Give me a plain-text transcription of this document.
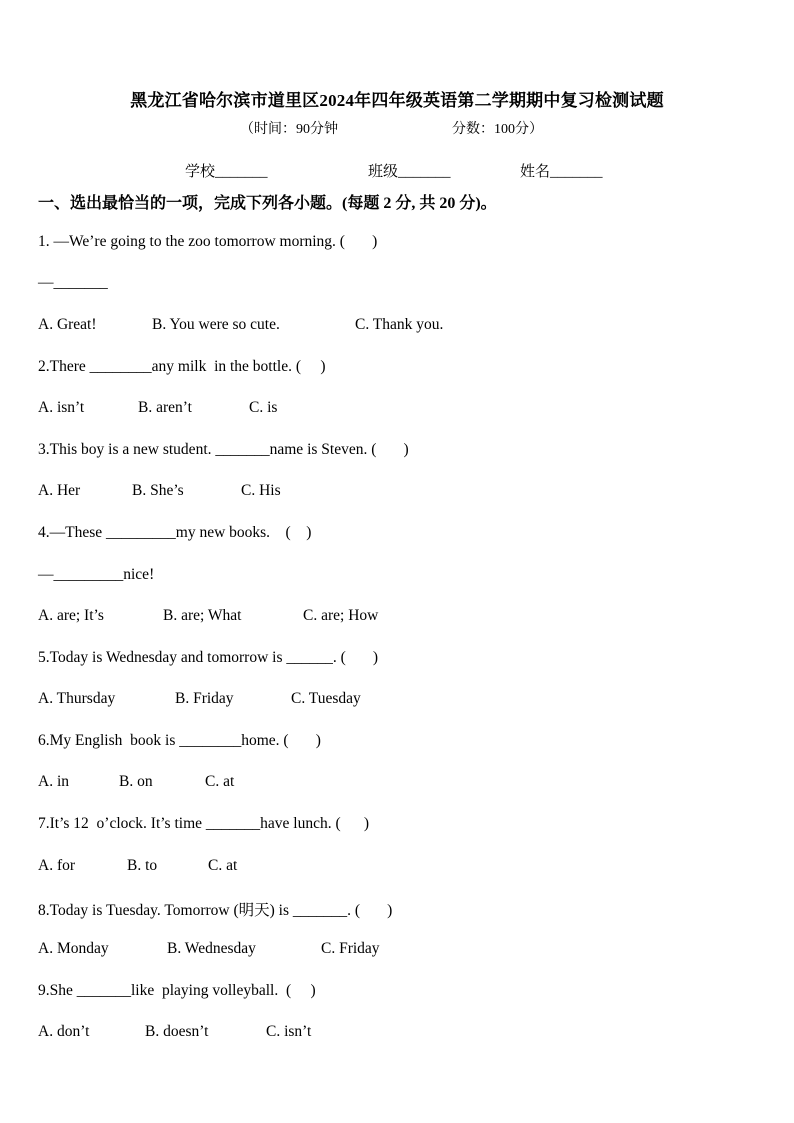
黑龙江省哈尔滨市道里区2024年四年级英语第二学期期中复习检测试题
（时间：90分钟	分数：100分）
学校_______	班级_______	姓名_______
一、选出最恰当的一项，完成下列各小题。(每题 2 分, 共 20 分)。
1. —We’re going to the zoo tomorrow morning. (       )
—_______
A. Great!	B. You were so cute.	C. Thank you.
2.There ________any milk  in the bottle. (     )
A. isn’t	B. aren’t	C. is
3.This boy is a new student. _______name is Steven. (       )
A. Her	B. She’s	C. His
4.—These _________my new books.    (    )
—_________nice!
A. are; It’s	B. are; What	C. are; How
5.Today is Wednesday and tomorrow is ______. (       )
A. Thursday	B. Friday	C. Tuesday
6.My English  book is ________home. (       )
A. in	B. on	C. at
7.It’s 12  o’clock. It’s time _______have lunch. (      )
A. for	B. to	C. at
8.Today is Tuesday. Tomorrow (明天) is _______. (       )
A. Monday	B. Wednesday	C. Friday
9.She _______like  playing volleyball.  (     )
A. don’t	B. doesn’t	C. isn’t
